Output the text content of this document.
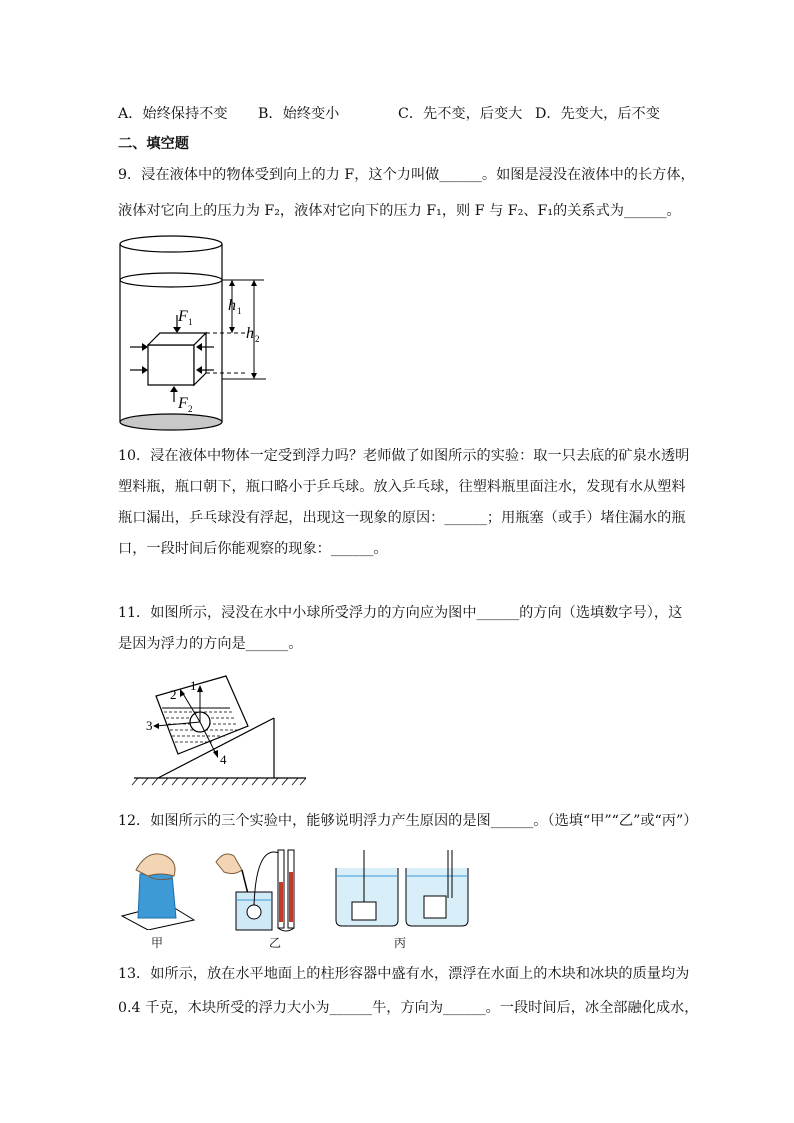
A．始终保持不变 B．始终变小	C．先不变，后变大 D．先变大，后不变
二、填空题
9．浸在液体中的物体受到向上的力 F，这个力叫做______。如图是浸没在液体中的长方体，
液体对它向上的压力为 F₂，液体对它向下的压力 F₁，则 F 与 F₂、F₁的关系式为______。
F 1
F 2
h 1
h 2
10．浸在液体中物体一定受到浮力吗？老师做了如图所示的实验：取一只去底的矿泉水透明
塑料瓶，瓶口朝下，瓶口略小于乒乓球。放入乒乓球，往塑料瓶里面注水，发现有水从塑料
瓶口漏出，乒乓球没有浮起，出现这一现象的原因：______；用瓶塞（或手）堵住漏水的瓶
口，一段时间后你能观察的现象：______。
11．如图所示，浸没在水中小球所受浮力的方向应为图中______的方向（选填数字号），这
是因为浮力的方向是______。
1
2
3
4
12．如图所示的三个实验中，能够说明浮力产生原因的是图______。（选填“甲”“乙”或“丙”）
甲	乙	丙
13．如所示，放在水平地面上的柱形容器中盛有水，漂浮在水面上的木块和冰块的质量均为
0.4 千克，木块所受的浮力大小为______牛，方向为______。一段时间后，冰全部融化成水，
